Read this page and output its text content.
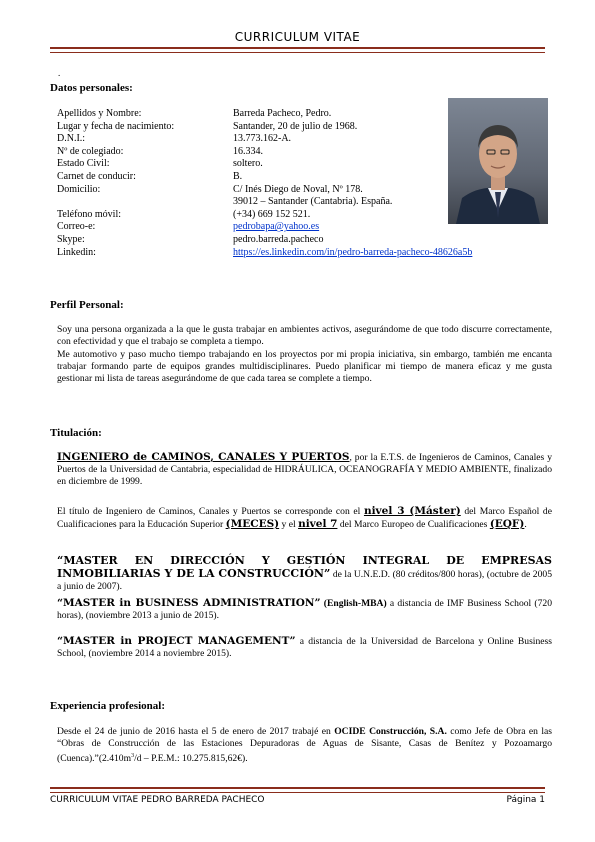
CURRICULUM VITAE
.
Datos personales:
Apellidos y Nombre:	Barreda Pacheco, Pedro.
Lugar y fecha de nacimiento:	Santander, 20 de julio de 1968.
D.N.I.:	13.773.162-A.
Nº de colegiado:	16.334.
Estado Civil:	soltero.
Carnet de conducir:	B.
Domicilio:	C/ Inés Diego de Noval, Nº 178.
39012 – Santander (Cantabria). España.
Teléfono móvil:	(+34) 669 152 521.
Correo-e:	pedrobapa@yahoo.es
Skype:	pedro.barreda.pacheco
Linkedin:	https://es.linkedin.com/in/pedro-barreda-pacheco-48626a5b
Perfil Personal:
Soy una persona organizada a la que le gusta trabajar en ambientes activos, asegurándome de que todo discurre correctamente, con efectividad y que el trabajo se completa a tiempo.
Me automotivo y paso mucho tiempo trabajando en los proyectos por mi propia iniciativa, sin embargo, también me encanta trabajar formando parte de equipos grandes multidisciplinares. Puedo planificar mi tiempo de manera eficaz y me gusta gestionar mi lista de tareas asegurándome de que cada tarea se complete a tiempo.
Titulación:
INGENIERO de CAMINOS, CANALES Y PUERTOS, por la E.T.S. de Ingenieros de Caminos, Canales y Puertos de la Universidad de Cantabria, especialidad de HIDRÁULICA, OCEANOGRAFÍA Y MEDIO AMBIENTE, finalizado en diciembre de 1999.
El título de Ingeniero de Caminos, Canales y Puertos se corresponde con el nivel 3 (Máster) del Marco Español de Cualificaciones para la Educación Superior (MECES) y el nivel 7 del Marco Europeo de Cualificaciones (EQF).
“MASTER EN DIRECCIÓN Y GESTIÓN INTEGRAL DE EMPRESAS INMOBILIARIAS Y DE LA CONSTRUCCIÓN” de la U.N.E.D. (80 créditos/800 horas), (octubre de 2005 a junio de 2007).
“MASTER in BUSINESS ADMINISTRATION” (English-MBA) a distancia de IMF Business School (720 horas), (noviembre 2013 a junio de 2015).
“MASTER in PROJECT MANAGEMENT” a distancia de la Universidad de Barcelona y Online Business School, (noviembre 2014 a noviembre 2015).
Experiencia profesional:
Desde el 24 de junio de 2016 hasta el 5 de enero de 2017 trabajé en OCIDE Construcción, S.A. como Jefe de Obra en las “Obras de Construcción de las Estaciones Depuradoras de Aguas de Sisante, Casas de Benítez y Pozoamargo $(Cuenca).”(2.410m^3/d - P.E.M$.: 10.275.815,62€).
CURRICULUM VITAE PEDRO BARREDA PACHECO	Página 1
